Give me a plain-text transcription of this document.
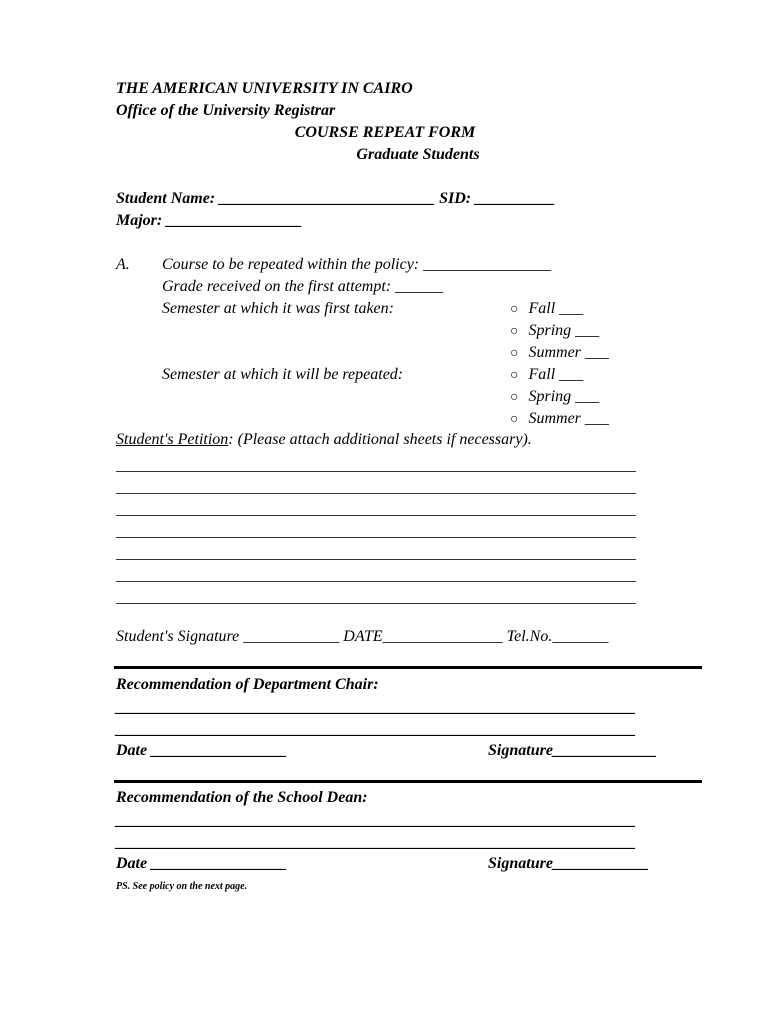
THE AMERICAN UNIVERSITY IN CAIRO
Office of the University Registrar
COURSE REPEAT FORM
Graduate Students
Student Name: ___________________________ SID: __________
Major: _________________
A. Course to be repeated within the policy: ________________
Grade received on the first attempt: ______
Semester at which it was first taken:
Semester at which it will be repeated:
○ Fall ___
○ Spring ___
○ Summer ___
○ Fall ___
○ Spring ___
○ Summer ___
Student's Petition: (Please attach additional sheets if necessary).
_________________________________________________________________
_________________________________________________________________
_________________________________________________________________
_________________________________________________________________
_________________________________________________________________
_________________________________________________________________
_________________________________________________________________
Student's Signature ____________ DATE_______________ Tel.No._______
Recommendation of Department Chair:
_________________________________________________________________
_________________________________________________________________
Date _________________	Signature_____________
Recommendation of the School Dean:
_________________________________________________________________
_________________________________________________________________
Date _________________	Signature____________
PS. See policy on the next page.
